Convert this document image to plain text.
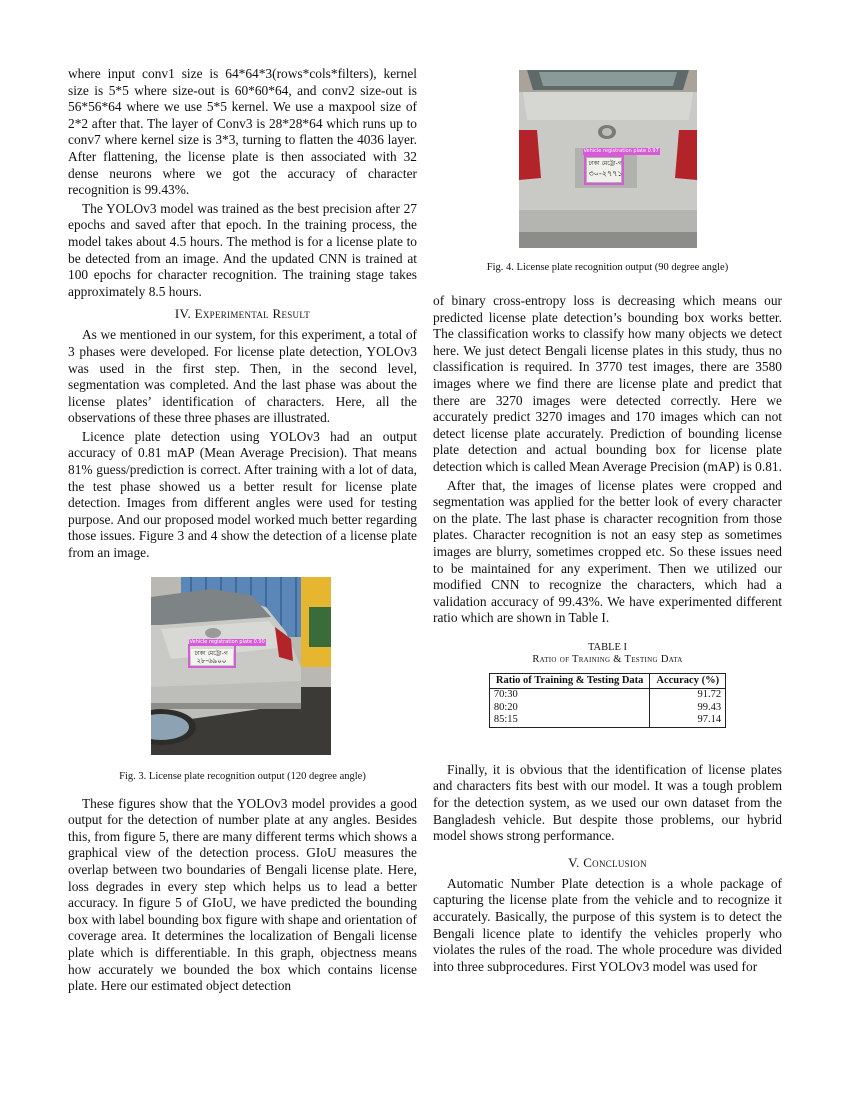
where input conv1 size is 64*64*3(rows*cols*filters), kernel size is 5*5 where size-out is 60*60*64, and conv2 size-out is 56*56*64 where we use 5*5 kernel. We use a maxpool size of 2*2 after that. The layer of Conv3 is 28*28*64 which runs up to conv7 where kernel size is 3*3, turning to flatten the 4036 layer. After flattening, the license plate is then associated with 32 dense neurons where we got the accuracy of character recognition is 99.43%.

The YOLOv3 model was trained as the best precision after 27 epochs and saved after that epoch. In the training process, the model takes about 4.5 hours. The method is for a license plate to be detected from an image. And the updated CNN is trained at 100 epochs for character recognition. The training stage takes approximately 8.5 hours.

IV. Experimental Result

As we mentioned in our system, for this experiment, a total of 3 phases were developed. For license plate detection, YOLOv3 was used in the first step. Then, in the second level, segmentation was completed. And the last phase was about the license plates’ identification of characters. Here, all the observations of these three phases are illustrated.

Licence plate detection using YOLOv3 had an output accuracy of 0.81 mAP (Mean Average Precision). That means 81% guess/prediction is correct. After training with a lot of data, the test phase showed us a better result for license plate detection. Images from different angles were used for testing purpose. And our proposed model worked much better regarding those issues. Figure 3 and 4 show the detection of a license plate from an image.

Vehicle registration plate 0.90
ঢাকা মেট্রো-গ
২৮-৬৯০০

Fig. 3. License plate recognition output (120 degree angle)

These figures show that the YOLOv3 model provides a good output for the detection of number plate at any angles. Besides this, from figure 5, there are many different terms which shows a graphical view of the detection process. GIoU measures the overlap between two boundaries of Bengali license plate. Here, loss degrades in every step which helps us to lead a better accuracy. In figure 5 of GIoU, we have predicted the bounding box with label bounding box figure with shape and orientation of coverage area. It determines the localization of Bengali license plate which is differentiable. In this graph, objectness means how accurately we bounded the box which contains license plate. Here our estimated object detection

Vehicle registration plate 0.97
ঢাকা মেট্রো-গ
৩০-২৭৭১

Fig. 4. License plate recognition output (90 degree angle)

of binary cross-entropy loss is decreasing which means our predicted license plate detection’s bounding box works better. The classification works to classify how many objects we detect here. We just detect Bengali license plates in this study, thus no classification is required. In 3770 test images, there are 3580 images where we find there are license plate and predict that there are 3270 images were detected correctly. Here we accurately predict 3270 images and 170 images which can not detect license plate accurately. Prediction of bounding license plate detection and actual bounding box for license plate detection which is called Mean Average Precision (mAP) is 0.81.

After that, the images of license plates were cropped and segmentation was applied for the better look of every character on the plate. The last phase is character recognition from those plates. Character recognition is not an easy step as sometimes images are blurry, sometimes cropped etc. So these issues need to be maintained for any experiment. Then we utilized our modified CNN to recognize the characters, which had a validation accuracy of 99.43%. We have experimented different ratio which are shown in Table I.

TABLE I

Ratio of Training & Testing Data

Ratio of Training & Testing Data	Accuracy (%)
70:30	91.72
80:20	99.43
85:15	97.14

Finally, it is obvious that the identification of license plates and characters fits best with our model. It was a tough problem for the detection system, as we used our own dataset from the Bangladesh vehicle. But despite those problems, our hybrid model shows strong performance.

V. Conclusion

Automatic Number Plate detection is a whole package of capturing the license plate from the vehicle and to recognize it accurately. Basically, the purpose of this system is to detect the Bengali licence plate to identify the vehicles properly who violates the rules of the road. The whole procedure was divided into three subprocedures. First YOLOv3 model was used for
